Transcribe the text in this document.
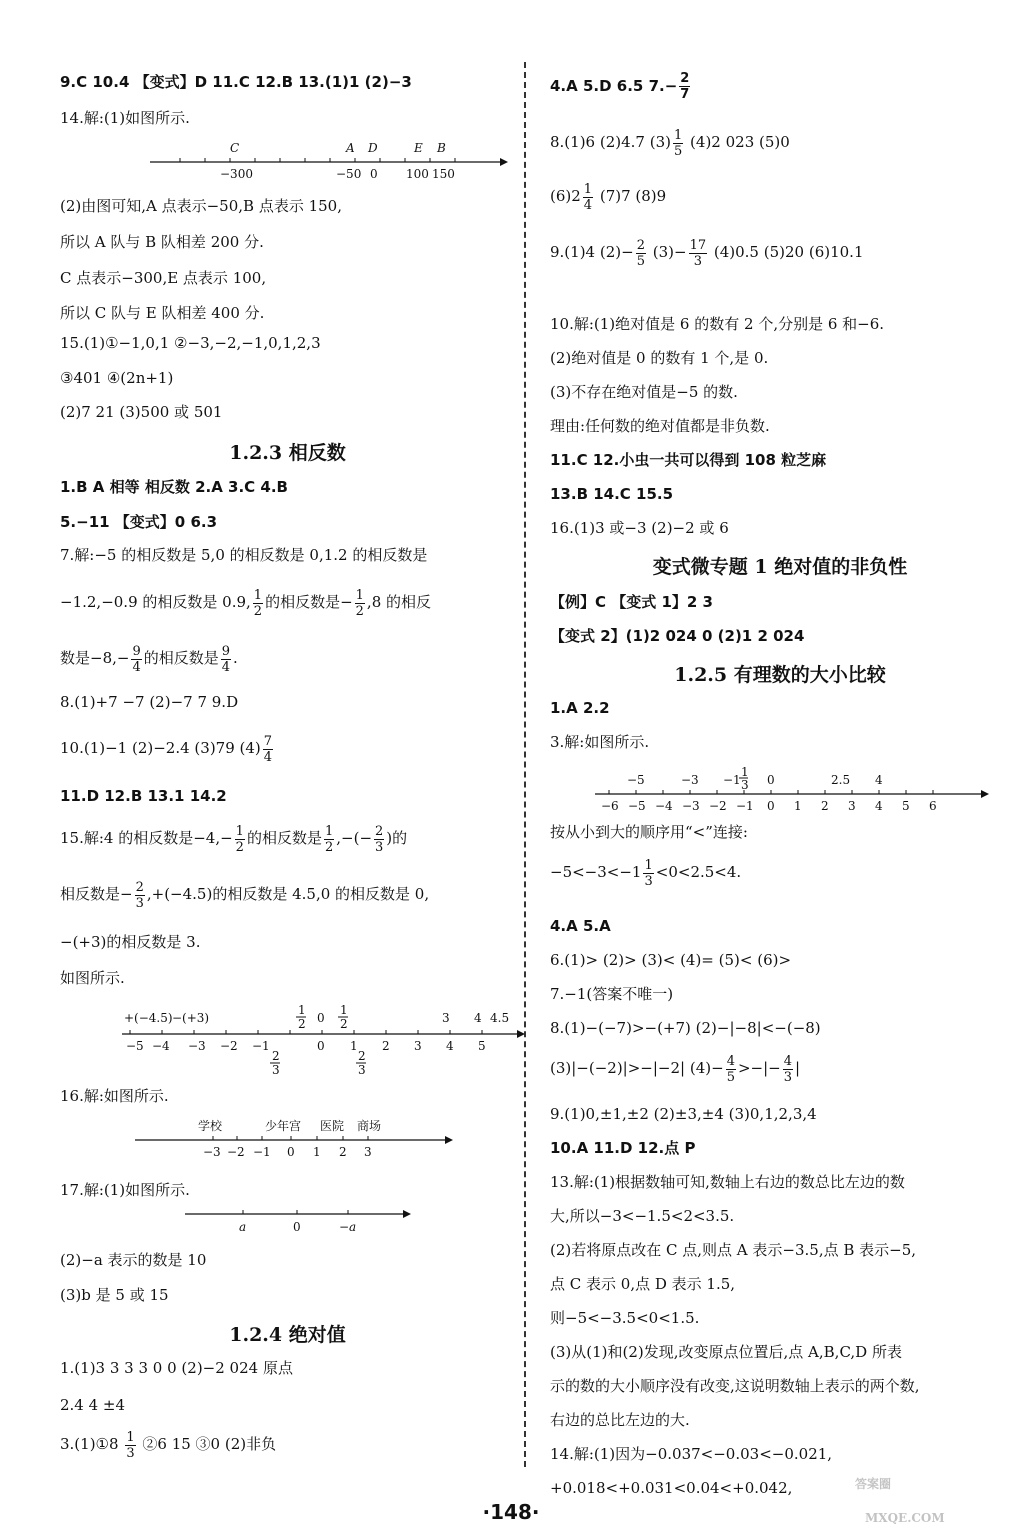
9.C 10.4 【变式】D 11.C 12.B 13.(1)1 (2)−3
14.解:(1)如图所示.
C	A D	E B
−300	−50 0 100 150
(2)由图可知,A 点表示−50,B 点表示 150,
所以 A 队与 B 队相差 200 分.
C 点表示−300,E 点表示 100,
所以 C 队与 E 队相差 400 分.
15.(1)①−1,0,1 ②−3,−2,−1,0,1,2,3
③401 ④(2n+1)
(2)7 21 (3)500 或 501
1.2.3 相反数
1.B A 相等 相反数 2.A 3.C 4.B
5.−11 【变式】0 6.3
7.解:−5 的相反数是 5,0 的相反数是 0,1.2 的相反数是
−1.2,−0.9 的相反数是 0.9, $\frac{1}{2}$ 的相反数是− $\frac{1}{2} ,8$ 的相反
数是$-8,- \frac{9}{4}$ 的相反数是 $\frac{9}{4}$ .
8.(1)+7 −7 (2)−7 7 9.D
10.(1)−1 (2)−2.4 (3)79 $(4) \frac{7}{4}$
11.D 12.B 13.1 14.2
15.解:4 的相反数是$-4,- \frac{1}{2}$ 的相反数是 $\frac{1}{2}$ ,−(− $\frac{2}{3}$ )的
相反数是− $\frac{2}{3} ,+(-4.5)$的相反数是 4.5,0 的相反数是 0,
−(+3)的相反数是 3.
如图所示.
+(−4.5) −(+3)	0	3 4 4.5
1
2
1
2
−5 −4 −3 −2 −1	0 1 2 3 4 5
2
3
2
3
16.解:如图所示.
学校	少年宫 医院 商场
−3 −2 −1 0 1 2 3
17.解:(1)如图所示.
a	0	−a
(2)−a 表示的数是 10
(3)b 是 5 或 15
1.2.4 绝对值
1.(1)3 3 3 3 0 0 (2)−2 024 原点
2.4 4 ±4
3.(1)①8 $\frac{1}{3}$ ②6 15 ③0 (2)非负
4.A 5.D 6.5 $7.- \frac{2}{7}$
8.(1)6 (2)4.7 $(3) \frac{1}{5} (4)2$ 023 (5)0
$(6)2 \frac{1}{4} (7)7$ (8)9
9.(1)4 $(2)- \frac{2}{5} (3)- \frac{17}{3} (4)0.5$ (5)20 (6)10.1
10.解:(1)绝对值是 6 的数有 2 个,分别是 6 和−6.
(2)绝对值是 0 的数有 1 个,是 0.
(3)不存在绝对值是−5 的数.
理由:任何数的绝对值都是非负数.
11.C 12.小虫一共可以得到 108 粒芝麻
13.B 14.C 15.5
16.(1)3 或−3 (2)−2 或 6
变式微专题 1 绝对值的非负性
【例】C 【变式 1】2 3
【变式 2】(1)2 024 0 (2)1 2 024
1.2.5 有理数的大小比较
1.A 2.2
3.解:如图所示.
−5	−3 −1
1
3 0	2.5 4
−6 −5 −4 −3 −2 −1 0 1 2 3 4 5 6
按从小到大的顺序用“<”连接:
$-5<-3<-1 \frac{1}{3} <0<2.5<4$.
4.A 5.A
6.(1)> (2)> (3)< (4)= (5)< (6)>
7.−1(答案不唯一)
8.(1)−(−7)>−(+7) (2)−|−8|<−(−8)
(3)|−(−2)|>−|−2| $(4)- \frac{4}{5}$ >−|− $\frac{4}{3}$ |
9.(1)0,±1,±2 (2)±3,±4 (3)0,1,2,3,4
10.A 11.D 12.点 P
13.解:(1)根据数轴可知,数轴上右边的数总比左边的数
大,所以−3<−1.5<2<3.5.
(2)若将原点改在 C 点,则点 A 表示−3.5,点 B 表示−5,
点 C 表示 0,点 D 表示 1.5,
则−5<−3.5<0<1.5.
(3)从(1)和(2)发现,改变原点位置后,点 A,B,C,D 所表
示的数的大小顺序没有改变,这说明数轴上表示的两个数,
右边的总比左边的大.
14.解:(1)因为−0.037<−0.03<−0.021,
+0.018<+0.031<0.04<+0.042,
·148·
答案圈
MXQE.COM
